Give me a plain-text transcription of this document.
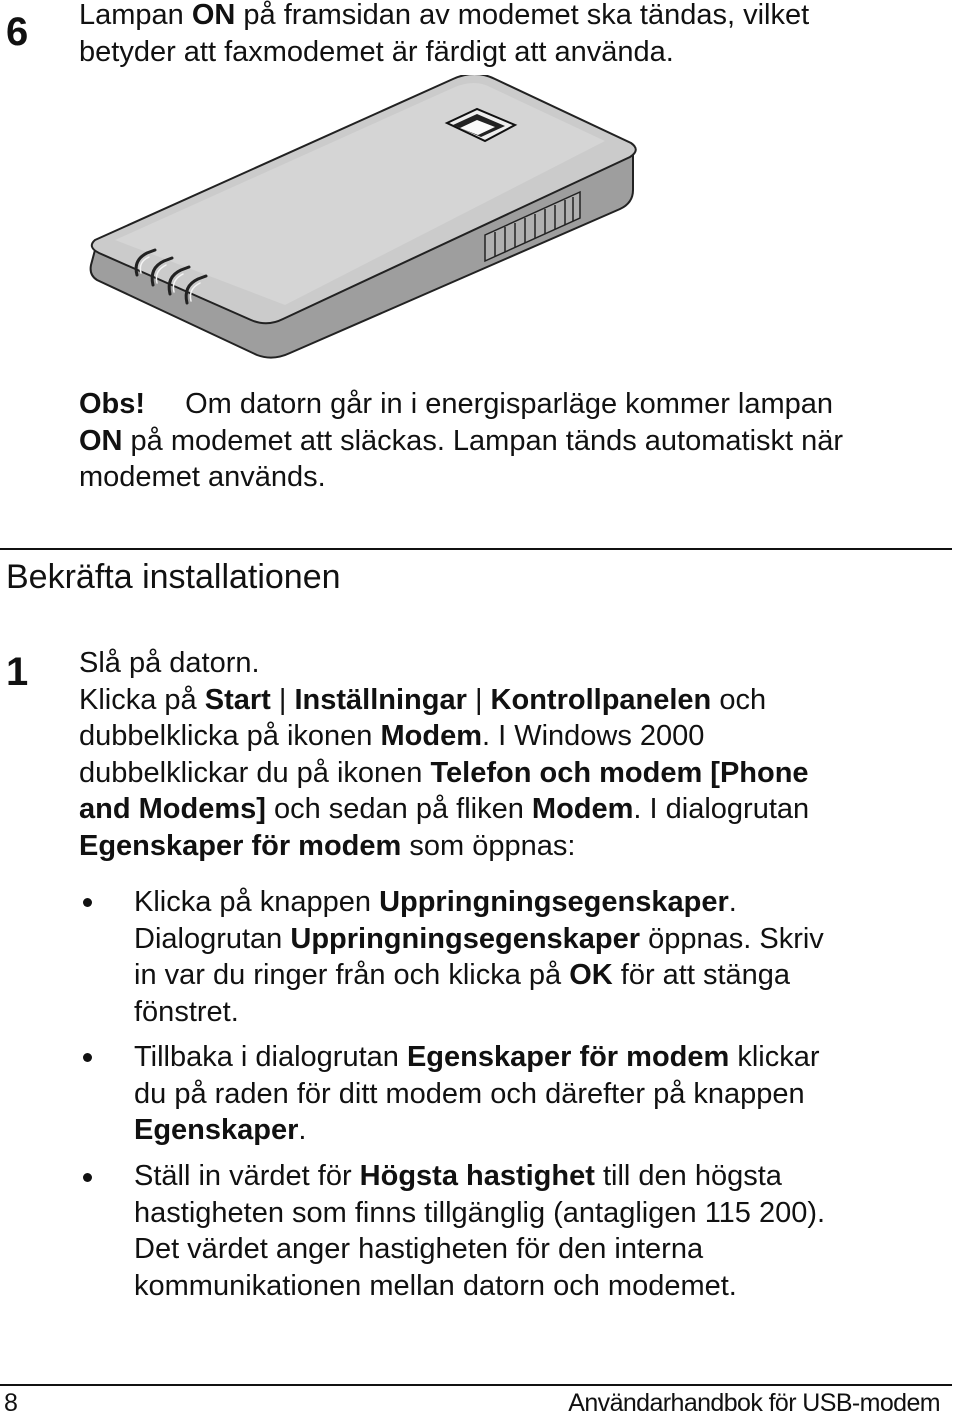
6 Lampan ON på framsidan av modemet ska tändas, vilket
betyder att faxmodemet är färdigt att använda.
Obs! Om datorn går in i energisparläge kommer lampan
ON på modemet att släckas. Lampan tänds automatiskt när
modemet används.
Bekräfta installationen
1 Slå på datorn.
Klicka på Start | Inställningar | Kontrollpanelen och
dubbelklicka på ikonen Modem. I Windows 2000
dubbelklickar du på ikonen Telefon och modem [Phone
and Modems] och sedan på fliken Modem. I dialogrutan
Egenskaper för modem som öppnas:
Klicka på knappen Uppringningsegenskaper.
Dialogrutan Uppringningsegenskaper öppnas. Skriv
in var du ringer från och klicka på OK för att stänga
fönstret.
Tillbaka i dialogrutan Egenskaper för modem klickar
du på raden för ditt modem och därefter på knappen
Egenskaper.
Ställ in värdet för Högsta hastighet till den högsta
hastigheten som finns tillgänglig (antagligen 115 200).
Det värdet anger hastigheten för den interna
kommunikationen mellan datorn och modemet.
8	Användarhandbok för USB-modem
